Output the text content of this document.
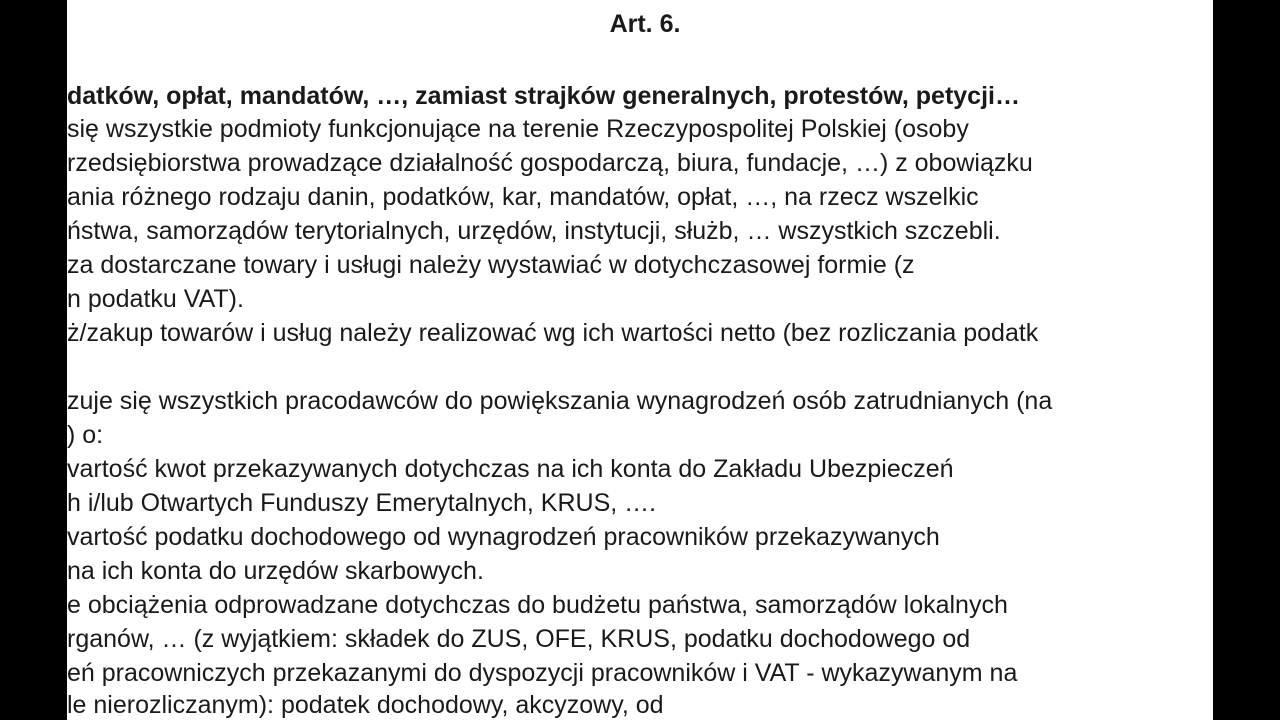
Art. 6.
datków, opłat, mandatów, …, zamiast strajków generalnych, protestów, petycji…
się wszystkie podmioty funkcjonujące na terenie Rzeczypospolitej Polskiej (osoby
rzedsiębiorstwa prowadzące działalność gospodarczą, biura, fundacje, …) z obowiązku
ania różnego rodzaju danin, podatków, kar, mandatów, opłat, …, na rzecz wszelkic
ństwa, samorządów terytorialnych, urzędów, instytucji, służb, … wszystkich szczebli.
za dostarczane towary i usługi należy wystawiać w dotychczasowej formie (z
n podatku VAT).
ż/zakup towarów i usług należy realizować wg ich wartości netto (bez rozliczania podatk
zuje się wszystkich pracodawców do powiększania wynagrodzeń osób zatrudnianych (na
) o:
vartość kwot przekazywanych dotychczas na ich konta do Zakładu Ubezpieczeń
h i/lub Otwartych Funduszy Emerytalnych, KRUS, ….
vartość podatku dochodowego od wynagrodzeń pracowników przekazywanych
na ich konta do urzędów skarbowych.
e obciążenia odprowadzane dotychczas do budżetu państwa, samorządów lokalnych
rganów, … (z wyjątkiem: składek do ZUS, OFE, KRUS, podatku dochodowego od
eń pracowniczych przekazanymi do dyspozycji pracowników i VAT - wykazywanym na
le nierozliczanym): podatek dochodowy, akcyzowy, od
